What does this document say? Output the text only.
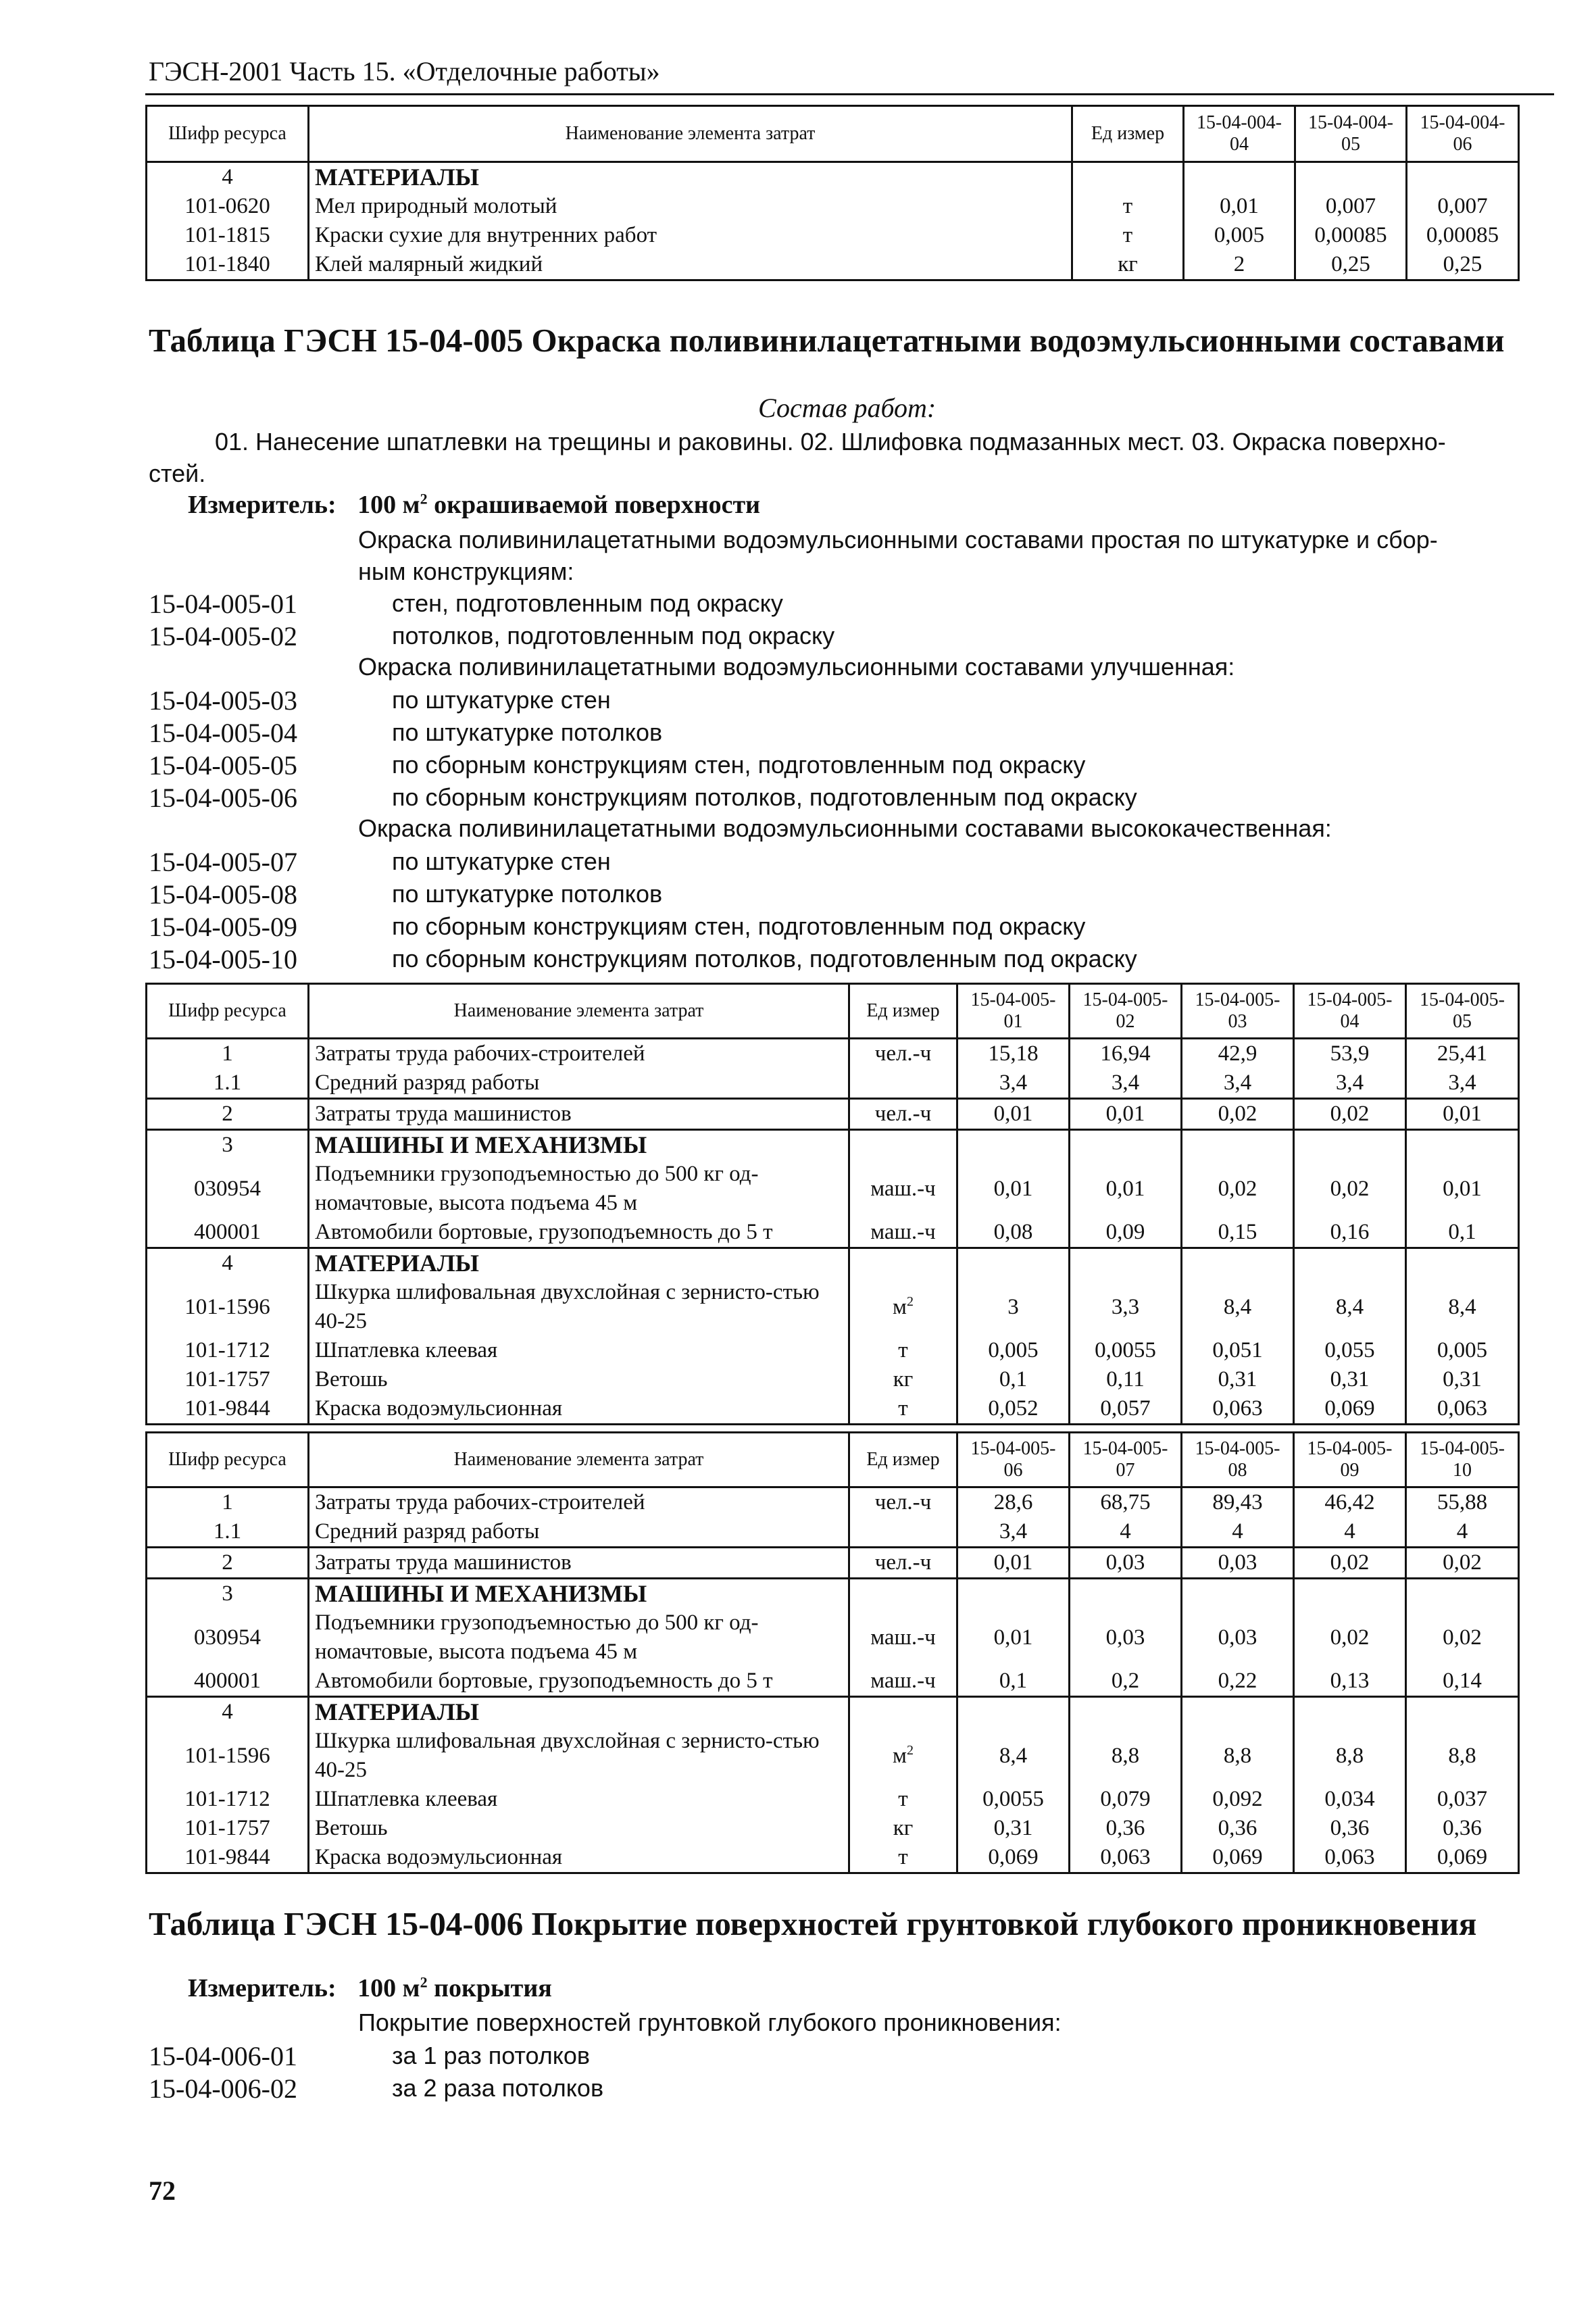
ГЭСН-2001 Часть 15. «Отделочные работы»
Шифр ресурса	Наименование элемента затрат	Ед измер	15-04-004-04	15-04-004-05	15-04-004-06
4	МАТЕРИАЛЫ				
101-0620	Мел природный молотый	т	0,01	0,007	0,007
101-1815	Краски сухие для внутренних работ	т	0,005	0,00085	0,00085
101-1840	Клей малярный жидкий	кг	2	0,25	0,25
Таблица ГЭСН 15-04-005 Окраска поливинилацетатными водоэмульсионными составами
Состав работ:
01. Нанесение шпатлевки на трещины и раковины. 02. Шлифовка подмазанных мест. 03. Окраска поверхно-
стей.
Измеритель: 100 $м^2$ окрашиваемой поверхности
Окраска поливинилацетатными водоэмульсионными составами простая по штукатурке и сбор-
ным конструкциям:
15-04-005-01	стен, подготовленным под окраску
15-04-005-02	потолков, подготовленным под окраску
Окраска поливинилацетатными водоэмульсионными составами улучшенная:
15-04-005-03	по штукатурке стен
15-04-005-04	по штукатурке потолков
15-04-005-05	по сборным конструкциям стен, подготовленным под окраску
15-04-005-06	по сборным конструкциям потолков, подготовленным под окраску
Окраска поливинилацетатными водоэмульсионными составами высококачественная:
15-04-005-07	по штукатурке стен
15-04-005-08	по штукатурке потолков
15-04-005-09	по сборным конструкциям стен, подготовленным под окраску
15-04-005-10	по сборным конструкциям потолков, подготовленным под окраску
Шифр ресурса	Наименование элемента затрат	Ед измер	15-04-005-01	15-04-005-02	15-04-005-03	15-04-005-04	15-04-005-05
1	Затраты труда рабочих-строителей	чел.-ч	15,18	16,94	42,9	53,9	25,41
1.1	Средний разряд работы		3,4	3,4	3,4	3,4	3,4
2	Затраты труда машинистов	чел.-ч	0,01	0,01	0,02	0,02	0,01
3	МАШИНЫ И МЕХАНИЗМЫ						
030954	Подъемники грузоподъемностью до 500 кг од-номачтовые, высота подъема 45 м	маш.-ч	0,01	0,01	0,02	0,02	0,01
400001	Автомобили бортовые, грузоподъемность до 5 т	маш.-ч	0,08	0,09	0,15	0,16	0,1
4	МАТЕРИАЛЫ						
101-1596	Шкурка шлифовальная двухслойная с зернисто-стью 40-25	$м^2$	3	3,3	8,4	8,4	8,4
101-1712	Шпатлевка клеевая	т	0,005	0,0055	0,051	0,055	0,005
101-1757	Ветошь	кг	0,1	0,11	0,31	0,31	0,31
101-9844	Краска водоэмульсионная	т	0,052	0,057	0,063	0,069	0,063
Шифр ресурса	Наименование элемента затрат	Ед измер	15-04-005-06	15-04-005-07	15-04-005-08	15-04-005-09	15-04-005-10
1	Затраты труда рабочих-строителей	чел.-ч	28,6	68,75	89,43	46,42	55,88
1.1	Средний разряд работы		3,4	4	4	4	4
2	Затраты труда машинистов	чел.-ч	0,01	0,03	0,03	0,02	0,02
3	МАШИНЫ И МЕХАНИЗМЫ						
030954	Подъемники грузоподъемностью до 500 кг од-номачтовые, высота подъема 45 м	маш.-ч	0,01	0,03	0,03	0,02	0,02
400001	Автомобили бортовые, грузоподъемность до 5 т	маш.-ч	0,1	0,2	0,22	0,13	0,14
4	МАТЕРИАЛЫ						
101-1596	Шкурка шлифовальная двухслойная с зернисто-стью 40-25	$м^2$	8,4	8,8	8,8	8,8	8,8
101-1712	Шпатлевка клеевая	т	0,0055	0,079	0,092	0,034	0,037
101-1757	Ветошь	кг	0,31	0,36	0,36	0,36	0,36
101-9844	Краска водоэмульсионная	т	0,069	0,063	0,069	0,063	0,069
Таблица ГЭСН 15-04-006 Покрытие поверхностей грунтовкой глубокого проникновения
Измеритель: 100 $м^2$ покрытия
Покрытие поверхностей грунтовкой глубокого проникновения:
15-04-006-01	за 1 раз потолков
15-04-006-02	за 2 раза потолков
72
